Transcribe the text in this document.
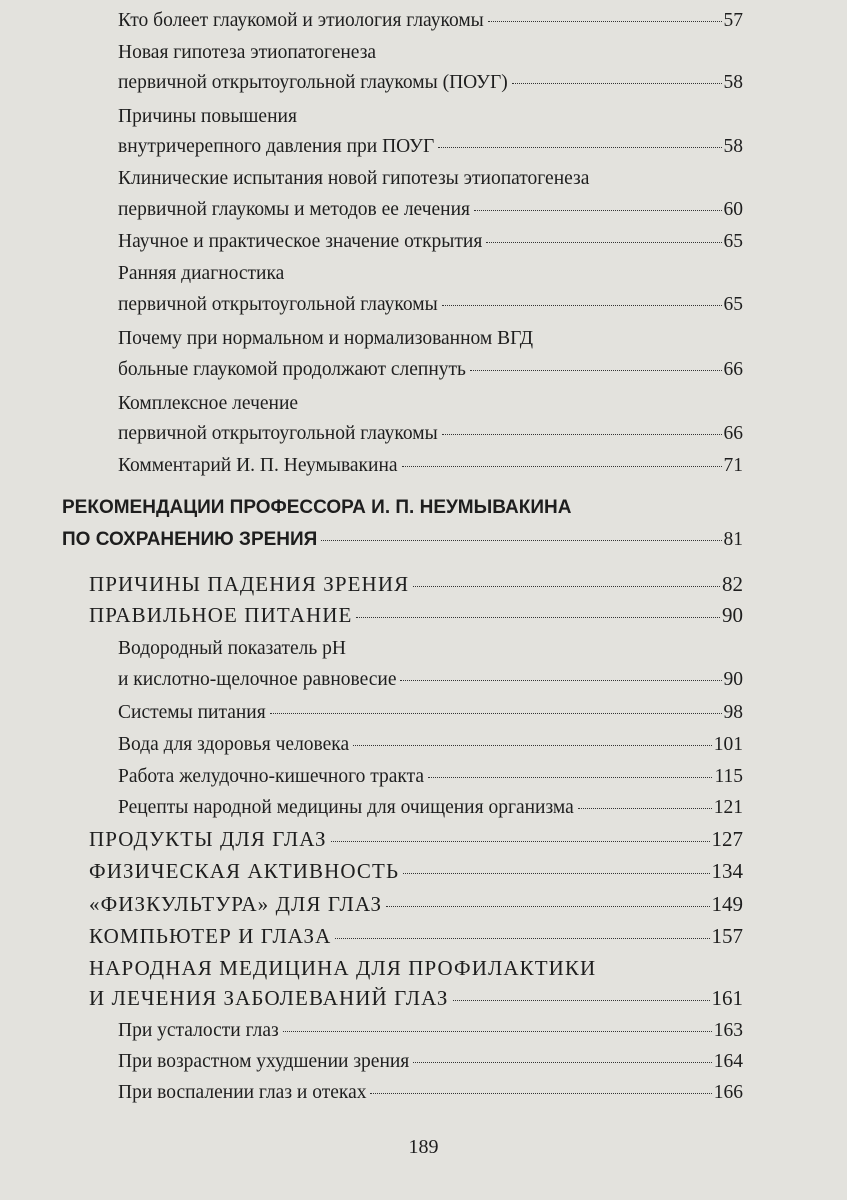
Кто болеет глаукомой и этиология глаукомы	57
Новая гипотеза этиопатогенеза
первичной открытоугольной глаукомы (ПОУГ)	58
Причины повышения
внутричерепного давления при ПОУГ	58
Клинические испытания новой гипотезы этиопатогенеза
первичной глаукомы и методов ее лечения	60
Научное и практическое значение открытия	65
Ранняя диагностика
первичной открытоугольной глаукомы	65
Почему при нормальном и нормализованном ВГД
больные глаукомой продолжают слепнуть	66
Комплексное лечение
первичной открытоугольной глаукомы	66
Комментарий И. П. Неумывакина	71
РЕКОМЕНДАЦИИ ПРОФЕССОРА И. П. НЕУМЫВАКИНА
ПО СОХРАНЕНИЮ ЗРЕНИЯ	81
ПРИЧИНЫ ПАДЕНИЯ ЗРЕНИЯ	82
ПРАВИЛЬНОЕ ПИТАНИЕ	90
Водородный показатель pH
и кислотно-щелочное равновесие	90
Системы питания	98
Вода для здоровья человека	101
Работа желудочно-кишечного тракта	115
Рецепты народной медицины для очищения организма	121
ПРОДУКТЫ ДЛЯ ГЛАЗ	127
ФИЗИЧЕСКАЯ АКТИВНОСТЬ	134
«ФИЗКУЛЬТУРА» ДЛЯ ГЛАЗ	149
КОМПЬЮТЕР И ГЛАЗА	157
НАРОДНАЯ МЕДИЦИНА ДЛЯ ПРОФИЛАКТИКИ
И ЛЕЧЕНИЯ ЗАБОЛЕВАНИЙ ГЛАЗ	161
При усталости глаз	163
При возрастном ухудшении зрения	164
При воспалении глаз и отеках	166
189
